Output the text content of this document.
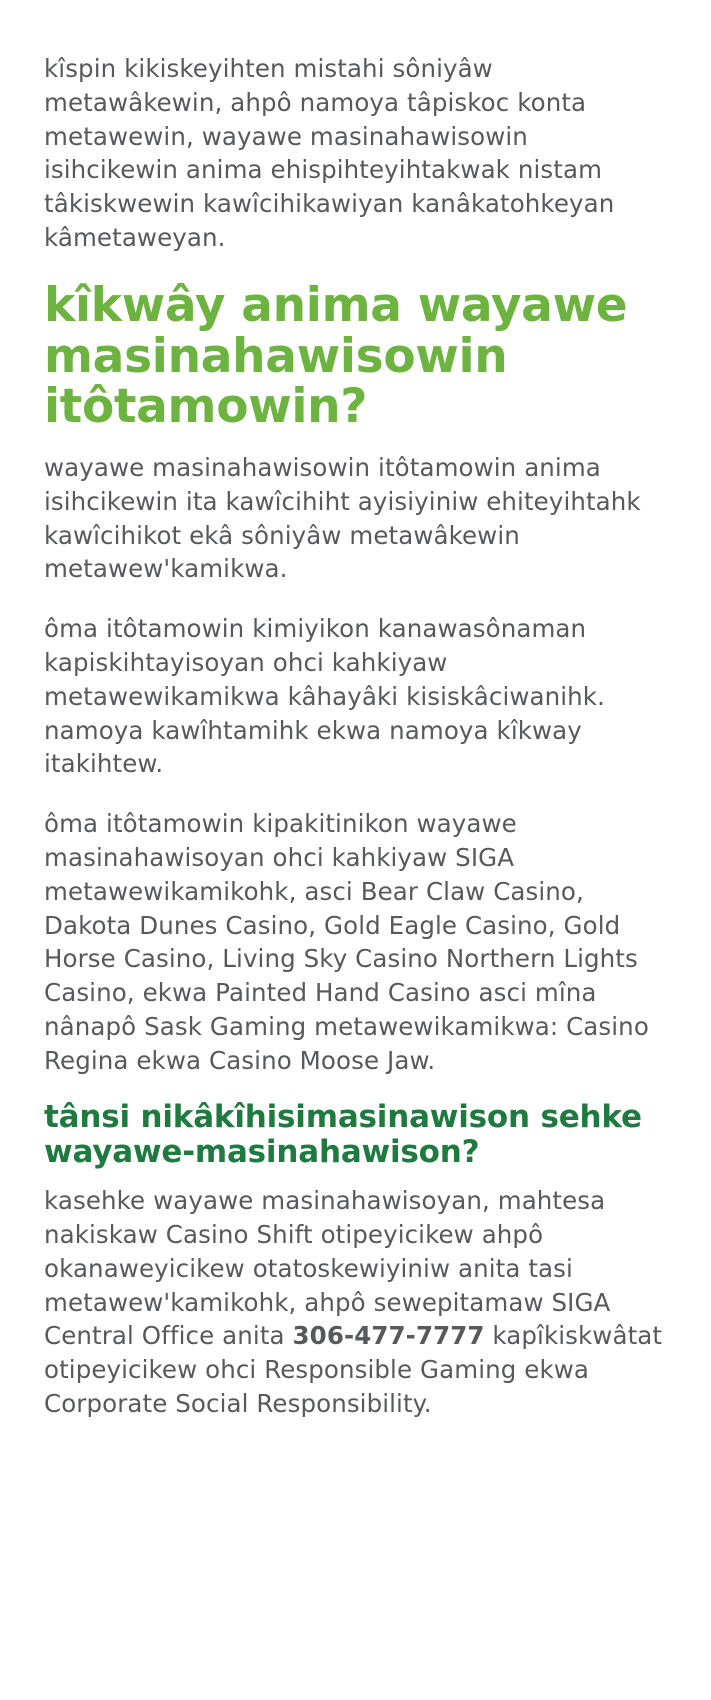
kîspin kikiskeyihten mistahi sôniyâw metawâkewin, ahpô namoya tâpiskoc konta metawewin, wayawe masinahawisowin isihcikewin anima ehispihteyihtakwak nistam tâkiskwewin kawîcihikawiyan kanâkatohkeyan kâmetaweyan.

kîkwây anima wayawe masinahawisowin itôtamowin?

wayawe masinahawisowin itôtamowin anima isihcikewin ita kawîcihiht ayisiyiniw ehiteyihtahk kawîcihikot ekâ sôniyâw metawâkewin metawew'kamikwa.

ôma itôtamowin kimiyikon kanawasônaman kapiskihtayisoyan ohci kahkiyaw metawewikamikwa kâhayâki kisiskâciwanihk. namoya kawîhtamihk ekwa namoya kîkway itakihtew.

ôma itôtamowin kipakitinikon wayawe masinahawisoyan ohci kahkiyaw SIGA metawewikamikohk, asci Bear Claw Casino, Dakota Dunes Casino, Gold Eagle Casino, Gold Horse Casino, Living Sky Casino Northern Lights Casino, ekwa Painted Hand Casino asci mîna nânapô Sask Gaming metawewikamikwa: Casino Regina ekwa Casino Moose Jaw.

tânsi nikâkîhisimasinawison sehke wayawe-masinahawison?

kasehke wayawe masinahawisoyan, mahtesa nakiskaw Casino Shift otipeyicikew ahpô okanaweyicikew otatoskewiyiniw anita tasi metawew'kamikohk, ahpô sewepitamaw SIGA Central Office anita 306-477-7777 kapîkiskwâtat otipeyicikew ohci Responsible Gaming ekwa Corporate Social Responsibility.
